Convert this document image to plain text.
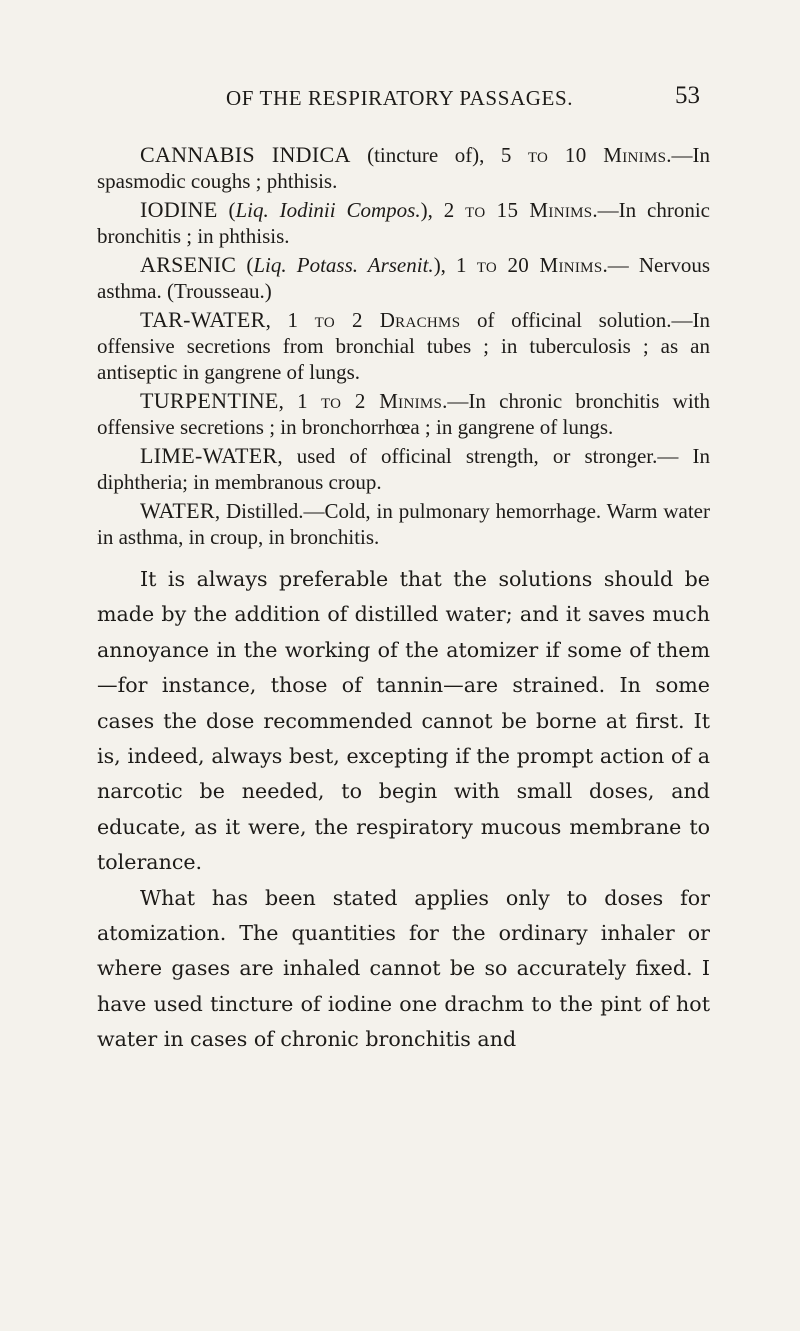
OF THE RESPIRATORY PASSAGES.	53

CANNABIS INDICA (tincture of), 5 to 10 Minims.—In spasmodic coughs ; phthisis.

IODINE (Liq. Iodinii Compos.), 2 to 15 Minims.—In chronic bronchitis ; in phthisis.

ARSENIC (Liq. Potass. Arsenit.), 1 to 20 Minims.— Nervous asthma. (Trousseau.)

TAR-WATER, 1 to 2 Drachms of officinal solution.—In offensive secretions from bronchial tubes ; in tuberculosis ; as an antiseptic in gangrene of lungs.

TURPENTINE, 1 to 2 Minims.—In chronic bronchitis with offensive secretions ; in bronchorrhœa ; in gangrene of lungs.

LIME-WATER, used of officinal strength, or stronger.— In diphtheria; in membranous croup.

WATER, Distilled.—Cold, in pulmonary hemorrhage. Warm water in asthma, in croup, in bronchitis.

It is always preferable that the solutions should be made by the addition of distilled water; and it saves much annoyance in the working of the atomizer if some of them—for instance, those of tannin—are strained. In some cases the dose recommended cannot be borne at first. It is, indeed, always best, excepting if the prompt action of a narcotic be needed, to begin with small doses, and educate, as it were, the respiratory mucous membrane to tolerance.

What has been stated applies only to doses for atomization. The quantities for the ordinary inhaler or where gases are inhaled cannot be so accurately fixed. I have used tincture of iodine one drachm to the pint of hot water in cases of chronic bronchitis and
